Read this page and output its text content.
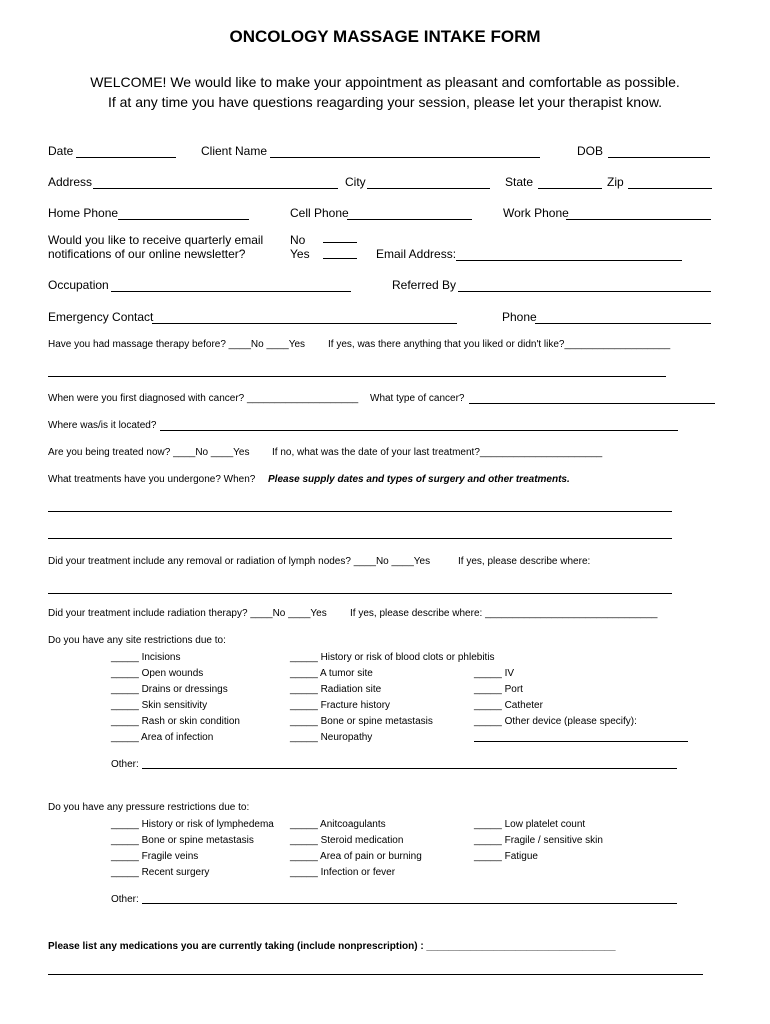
ONCOLOGY MASSAGE INTAKE FORM
WELCOME! We would like to make your appointment as pleasant and comfortable as possible.
If at any time you have questions reagarding your session, please let your therapist know.
Date	Client Name	DOB
Address	City	State	Zip
Home Phone	Cell Phone	Work Phone
Would you like to receive quarterly email
notifications of our online newsletter?
No
Yes	Email Address:
Occupation	Referred By
Emergency Contact	Phone
Have you had massage therapy before? ____No ____Yes If yes, was there anything that you liked or didn't like?___________________
When were you first diagnosed with cancer? ____________________ What type of cancer?
Where was/is it located?
Are you being treated now? ____No ____Yes If no, what was the date of your last treatment?______________________
What treatments have you undergone? When? Please supply dates and types of surgery and other treatments.
Did your treatment include any removal or radiation of lymph nodes? ____No ____Yes	If yes, please describe where:
Did your treatment include radiation therapy? ____No ____Yes If yes, please describe where: _______________________________
Do you have any site restrictions due to:
_____ Incisions
_____ Open wounds
_____ Drains or dressings
_____ Skin sensitivity
_____ Rash or skin condition
_____ Area of infection
_____ History or risk of blood clots or phlebitis
_____ A tumor site
_____ Radiation site
_____ Fracture history
_____ Bone or spine metastasis
_____ Neuropathy
_____ IV
_____ Port
_____ Catheter
_____ Other device (please specify):
Other:
Do you have any pressure restrictions due to:
_____ History or risk of lymphedema
_____ Bone or spine metastasis
_____ Fragile veins
_____ Recent surgery
_____ Anitcoagulants
_____ Steroid medication
_____ Area of pain or burning
_____ Infection or fever
_____ Low platelet count
_____ Fragile / sensitive skin
_____ Fatigue
Other:
Please list any medications you are currently taking (include nonprescription) : __________________________________
